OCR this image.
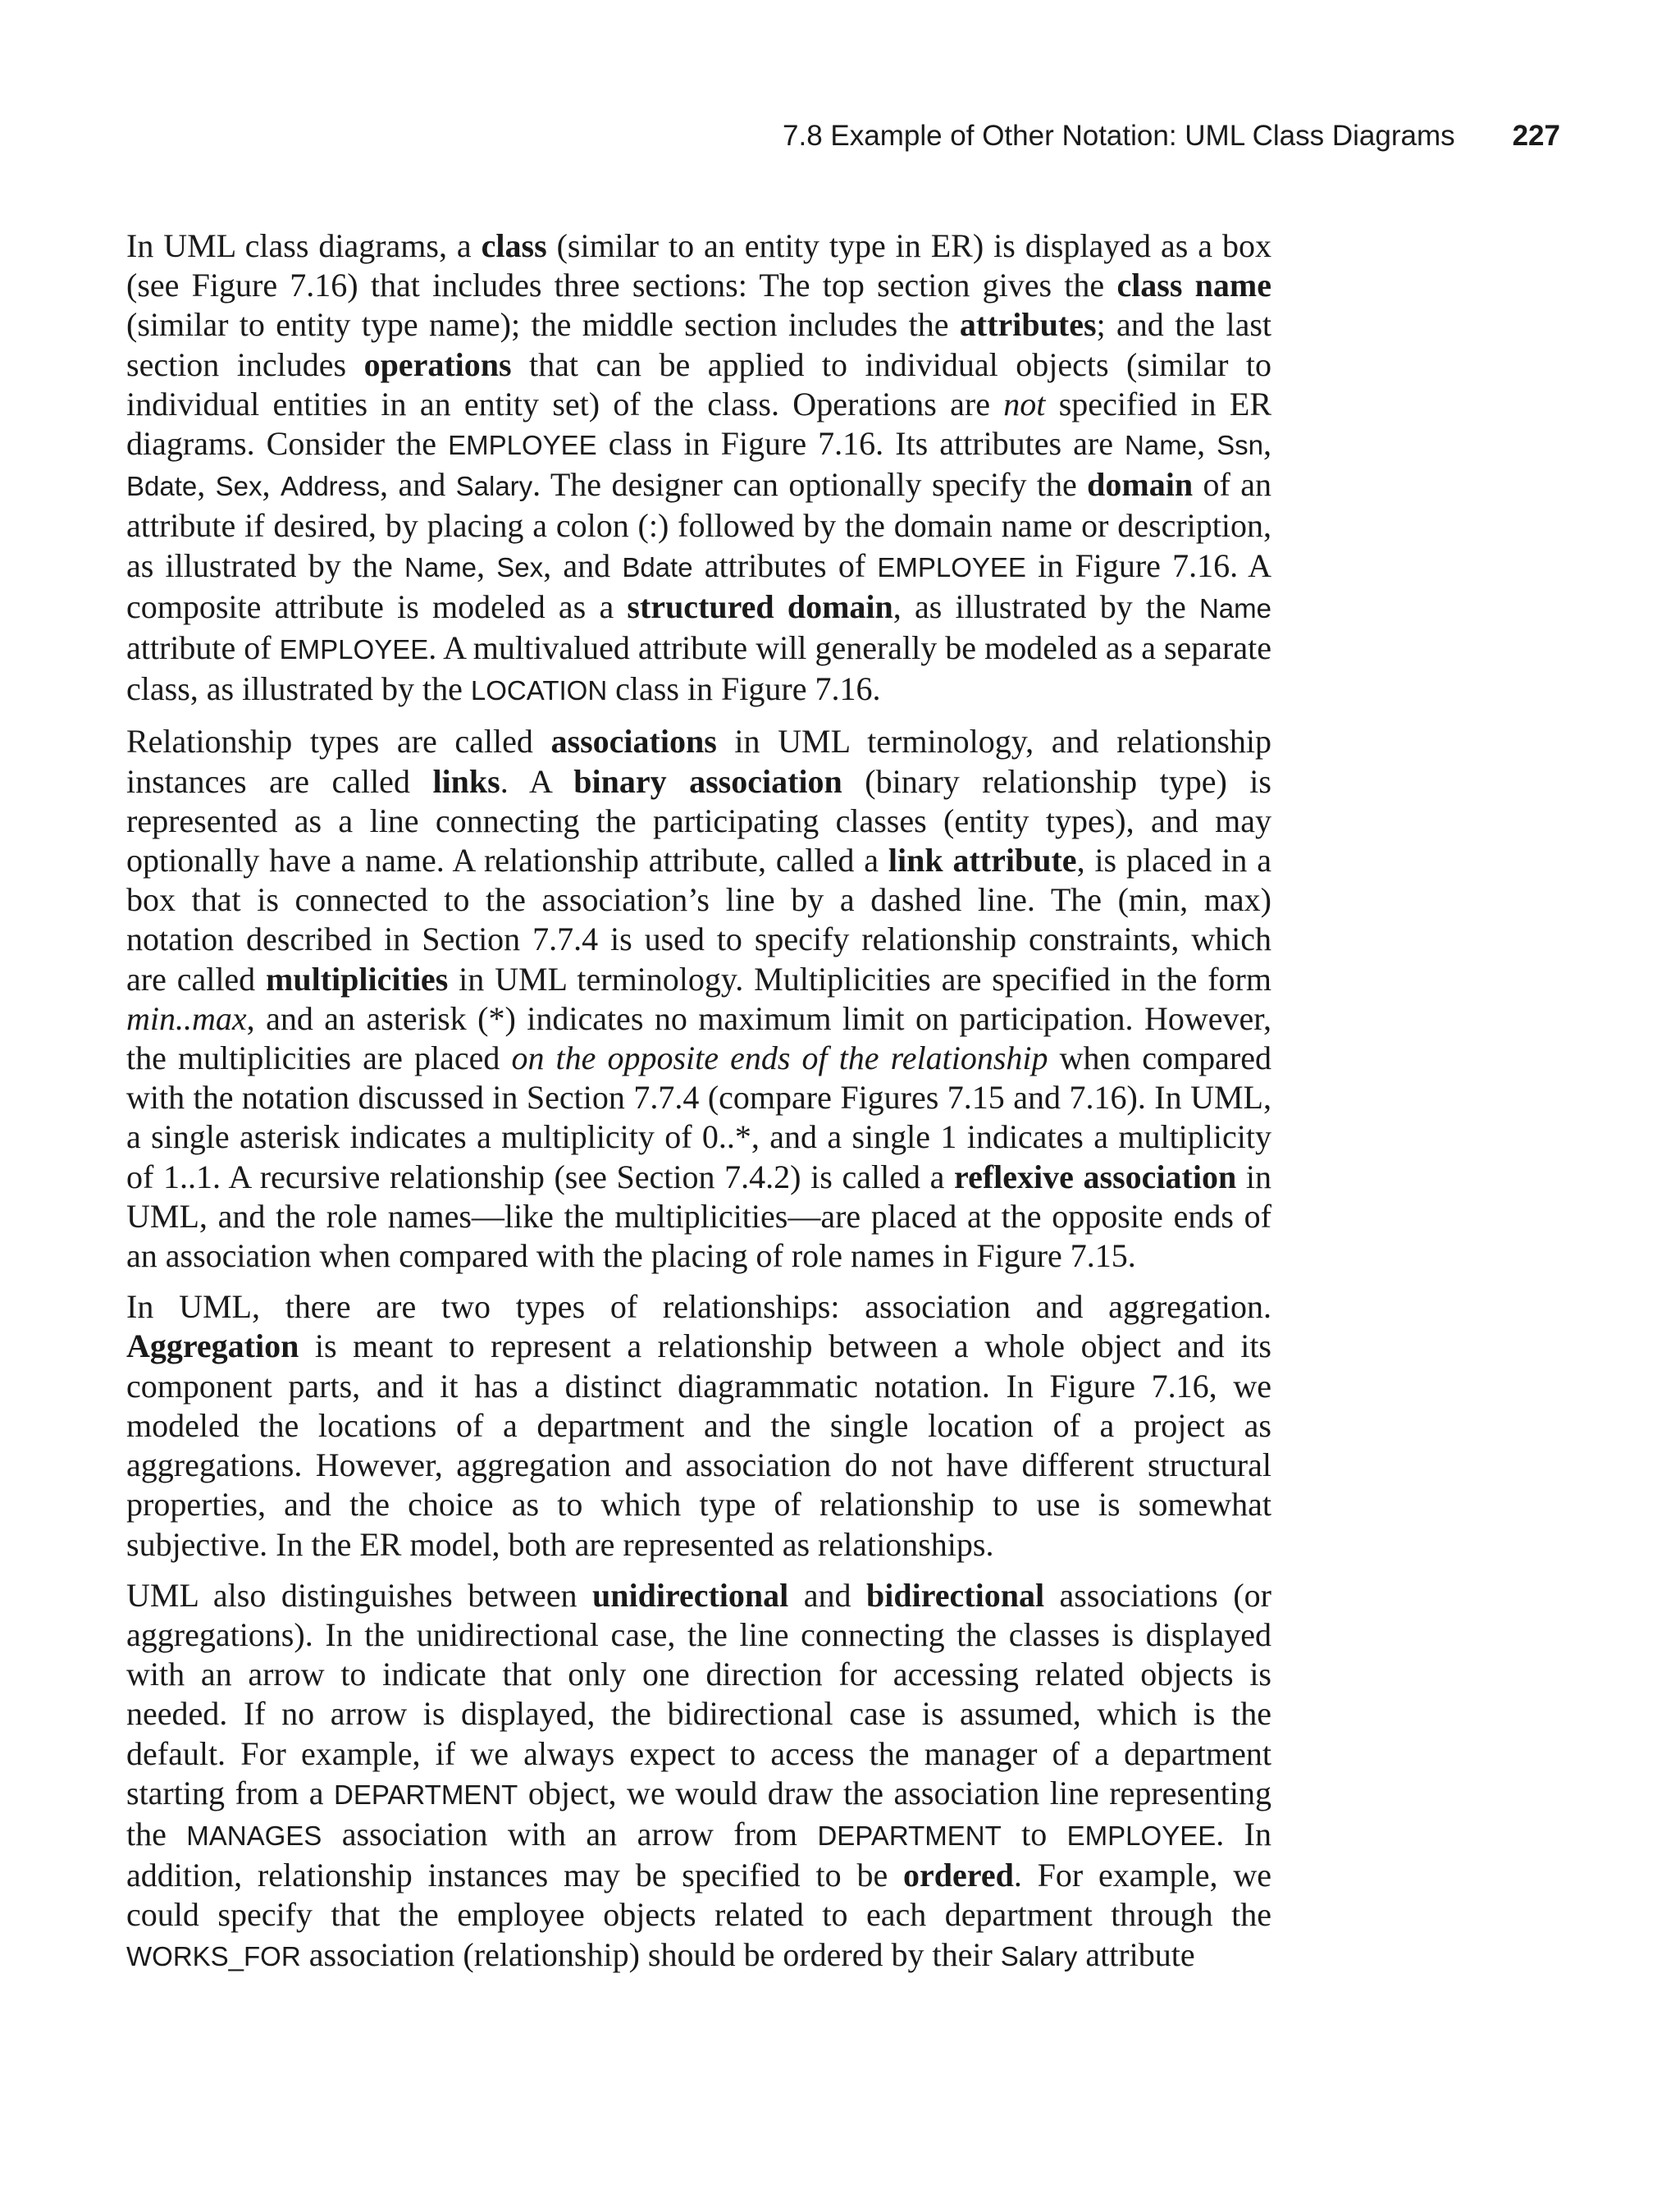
7.8 Example of Other Notation: UML Class Diagrams 227

In UML class diagrams, a class (similar to an entity type in ER) is displayed as a box (see Figure 7.16) that includes three sections: The top section gives the class name (similar to entity type name); the middle section includes the attributes; and the last section includes operations that can be applied to individual objects (similar to individual entities in an entity set) of the class. Operations are not specified in ER diagrams. Consider the EMPLOYEE class in Figure 7.16. Its attributes are Name, Ssn, Bdate, Sex, Address, and Salary. The designer can optionally specify the domain of an attribute if desired, by placing a colon (:) followed by the domain name or description, as illustrated by the Name, Sex, and Bdate attributes of EMPLOYEE in Figure 7.16. A composite attribute is modeled as a structured domain, as illustrated by the Name attribute of EMPLOYEE. A multivalued attribute will generally be modeled as a separate class, as illustrated by the LOCATION class in Figure 7.16.

Relationship types are called associations in UML terminology, and relationship instances are called links. A binary association (binary relationship type) is represented as a line connecting the participating classes (entity types), and may optionally have a name. A relationship attribute, called a link attribute, is placed in a box that is connected to the association’s line by a dashed line. The (min, max) notation described in Section 7.7.4 is used to specify relationship constraints, which are called multiplicities in UML terminology. Multiplicities are specified in the form min..max, and an asterisk (*) indicates no maximum limit on participation. However, the multiplicities are placed on the opposite ends of the relationship when compared with the notation discussed in Section 7.7.4 (compare Figures 7.15 and 7.16). In UML, a single asterisk indicates a multiplicity of 0..*, and a single 1 indicates a multiplicity of 1..1. A recursive relationship (see Section 7.4.2) is called a reflexive association in UML, and the role names—like the multiplicities—are placed at the opposite ends of an association when compared with the placing of role names in Figure 7.15.

In UML, there are two types of relationships: association and aggregation. Aggregation is meant to represent a relationship between a whole object and its component parts, and it has a distinct diagrammatic notation. In Figure 7.16, we modeled the locations of a department and the single location of a project as aggregations. However, aggregation and association do not have different structural properties, and the choice as to which type of relationship to use is somewhat subjective. In the ER model, both are represented as relationships.

UML also distinguishes between unidirectional and bidirectional associations (or aggregations). In the unidirectional case, the line connecting the classes is displayed with an arrow to indicate that only one direction for accessing related objects is needed. If no arrow is displayed, the bidirectional case is assumed, which is the default. For example, if we always expect to access the manager of a department starting from a DEPARTMENT object, we would draw the association line representing the MANAGES association with an arrow from DEPARTMENT to EMPLOYEE. In addition, relationship instances may be specified to be ordered. For example, we could specify that the employee objects related to each department through the WORKS_FOR association (relationship) should be ordered by their Salary attribute
